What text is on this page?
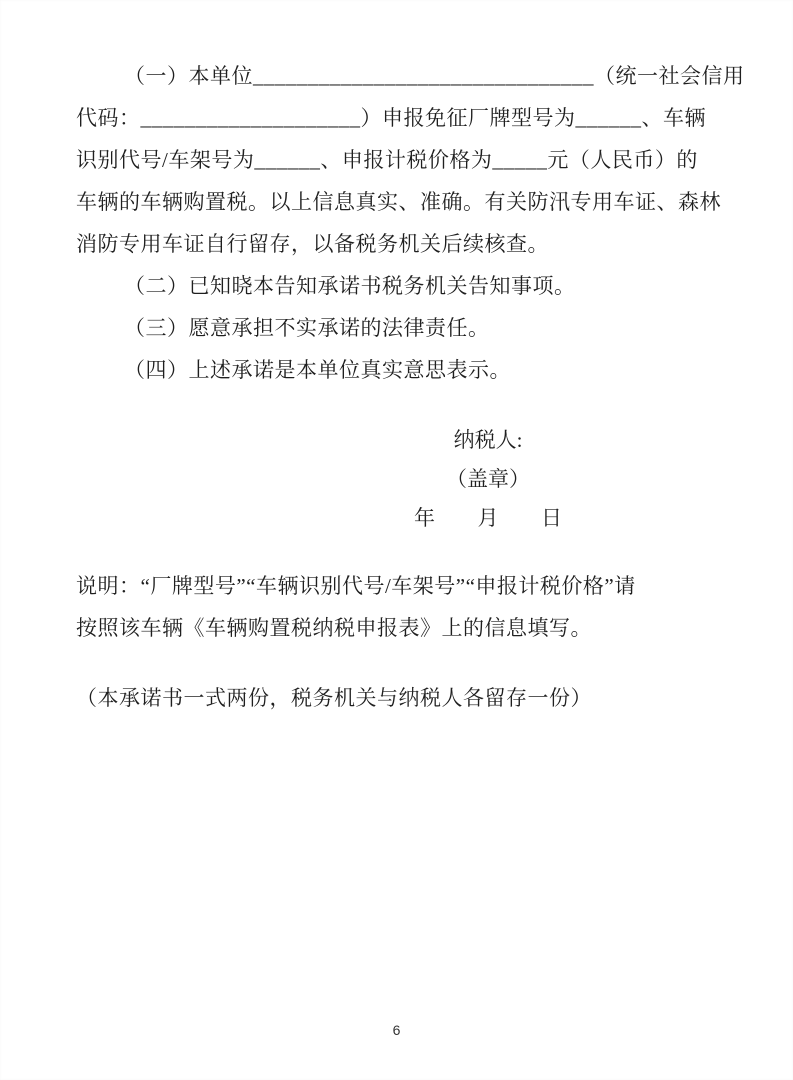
（一）本单位_______________________________（统一社会信用
代码：____________________）申报免征厂牌型号为______、车辆
识别代号/车架号为______、申报计税价格为_____元（人民币）的
车辆的车辆购置税。以上信息真实、准确。有关防汛专用车证、森林
消防专用车证自行留存，以备税务机关后续核查。
（二）已知晓本告知承诺书税务机关告知事项。
（三）愿意承担不实承诺的法律责任。
（四）上述承诺是本单位真实意思表示。
纳税人:
（盖章）
年 月 日
说明：“厂牌型号”“车辆识别代号/车架号”“申报计税价格”请
按照该车辆《车辆购置税纳税申报表》上的信息填写。
（本承诺书一式两份，税务机关与纳税人各留存一份）
6
